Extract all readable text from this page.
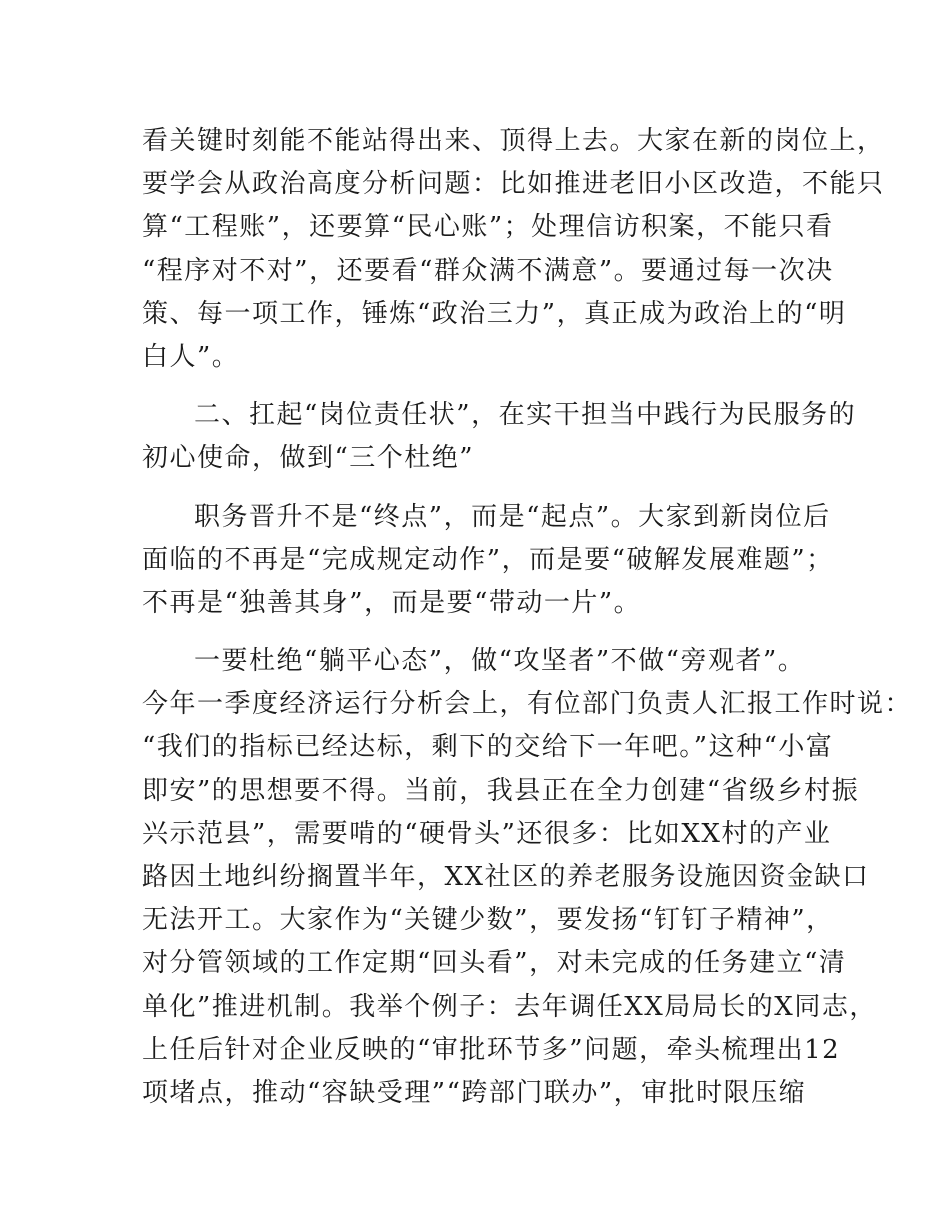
看关键时刻能不能站得出来、顶得上去。大家在新的岗位上，
要学会从政治高度分析问题：比如推进老旧小区改造，不能只
算“工程账”，还要算“民心账”；处理信访积案，不能只看
“程序对不对”，还要看“群众满不满意”。要通过每一次决
策、每一项工作，锤炼“政治三力”，真正成为政治上的“明
白人”。
二、扛起“岗位责任状”，在实干担当中践行为民服务的
初心使命，做到“三个杜绝”
职务晋升不是“终点”，而是“起点”。大家到新岗位后
面临的不再是“完成规定动作”，而是要“破解发展难题”；
不再是“独善其身”，而是要“带动一片”。
一要杜绝“躺平心态”，做“攻坚者”不做“旁观者”。
今年一季度经济运行分析会上，有位部门负责人汇报工作时说：
“我们的指标已经达标，剩下的交给下一年吧。”这种“小富
即安”的思想要不得。当前，我县正在全力创建“省级乡村振
兴示范县”，需要啃的“硬骨头”还很多：比如XX村的产业
路因土地纠纷搁置半年，XX社区的养老服务设施因资金缺口
无法开工。大家作为“关键少数”，要发扬“钉钉子精神”，
对分管领域的工作定期“回头看”，对未完成的任务建立“清
单化”推进机制。我举个例子：去年调任XX局局长的X同志，
上任后针对企业反映的“审批环节多”问题，牵头梳理出12
项堵点，推动“容缺受理”“跨部门联办”，审批时限压缩
